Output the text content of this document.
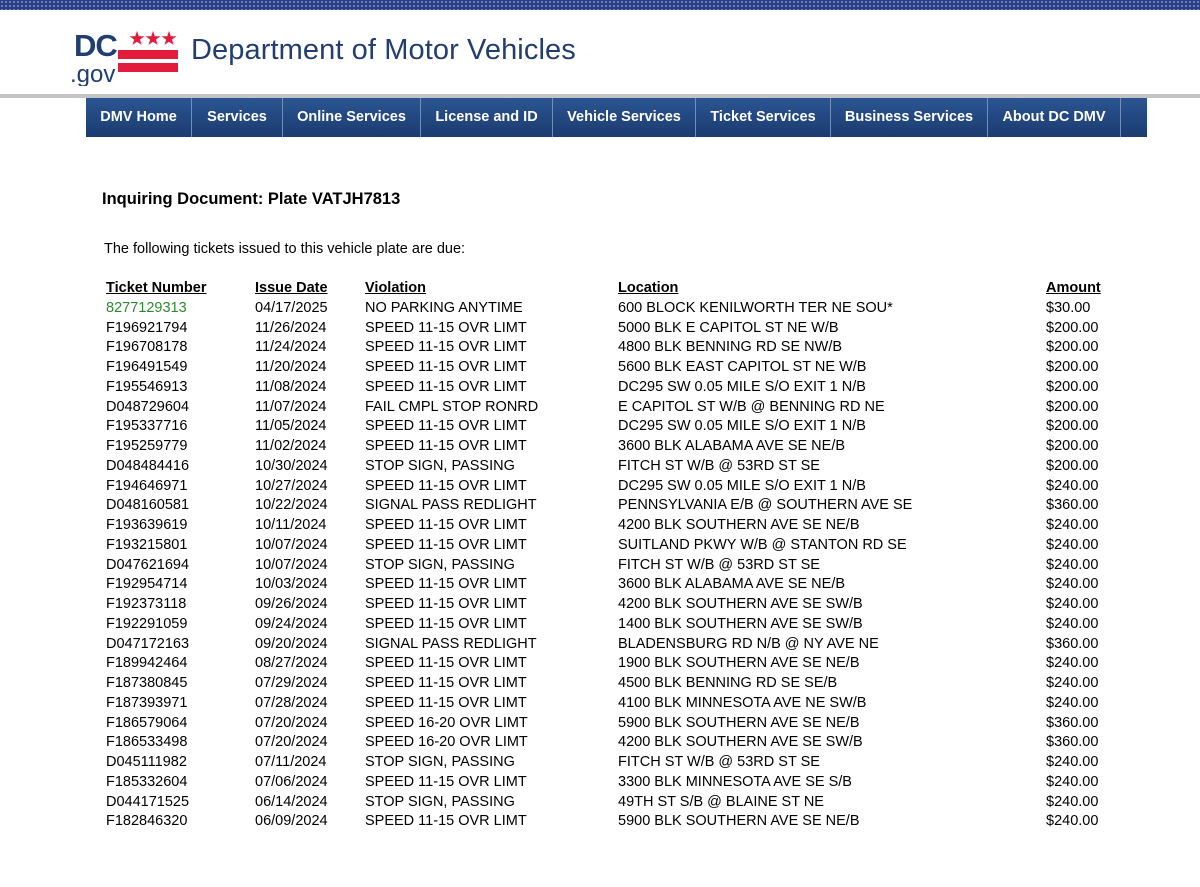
DC
.gov
Department of Motor Vehicles
DMV Home	Services	Online Services	License and ID	Vehicle Services	Ticket Services	Business Services	About DC DMV
Inquiring Document: Plate VATJH7813
The following tickets issued to this vehicle plate are due:
Ticket Number	Issue Date	Violation	Location	Amount
8277129313	04/17/2025	NO PARKING ANYTIME	600 BLOCK KENILWORTH TER NE SOU*	$30.00
F196921794	11/26/2024	SPEED 11-15 OVR LIMT	5000 BLK E CAPITOL ST NE W/B	$200.00
F196708178	11/24/2024	SPEED 11-15 OVR LIMT	4800 BLK BENNING RD SE NW/B	$200.00
F196491549	11/20/2024	SPEED 11-15 OVR LIMT	5600 BLK EAST CAPITOL ST NE W/B	$200.00
F195546913	11/08/2024	SPEED 11-15 OVR LIMT	DC295 SW 0.05 MILE S/O EXIT 1 N/B	$200.00
D048729604	11/07/2024	FAIL CMPL STOP RONRD	E CAPITOL ST W/B @ BENNING RD NE	$200.00
F195337716	11/05/2024	SPEED 11-15 OVR LIMT	DC295 SW 0.05 MILE S/O EXIT 1 N/B	$200.00
F195259779	11/02/2024	SPEED 11-15 OVR LIMT	3600 BLK ALABAMA AVE SE NE/B	$200.00
D048484416	10/30/2024	STOP SIGN, PASSING	FITCH ST W/B @ 53RD ST SE	$200.00
F194646971	10/27/2024	SPEED 11-15 OVR LIMT	DC295 SW 0.05 MILE S/O EXIT 1 N/B	$240.00
D048160581	10/22/2024	SIGNAL PASS REDLIGHT	PENNSYLVANIA E/B @ SOUTHERN AVE SE	$360.00
F193639619	10/11/2024	SPEED 11-15 OVR LIMT	4200 BLK SOUTHERN AVE SE NE/B	$240.00
F193215801	10/07/2024	SPEED 11-15 OVR LIMT	SUITLAND PKWY W/B @ STANTON RD SE	$240.00
D047621694	10/07/2024	STOP SIGN, PASSING	FITCH ST W/B @ 53RD ST SE	$240.00
F192954714	10/03/2024	SPEED 11-15 OVR LIMT	3600 BLK ALABAMA AVE SE NE/B	$240.00
F192373118	09/26/2024	SPEED 11-15 OVR LIMT	4200 BLK SOUTHERN AVE SE SW/B	$240.00
F192291059	09/24/2024	SPEED 11-15 OVR LIMT	1400 BLK SOUTHERN AVE SE SW/B	$240.00
D047172163	09/20/2024	SIGNAL PASS REDLIGHT	BLADENSBURG RD N/B @ NY AVE NE	$360.00
F189942464	08/27/2024	SPEED 11-15 OVR LIMT	1900 BLK SOUTHERN AVE SE NE/B	$240.00
F187380845	07/29/2024	SPEED 11-15 OVR LIMT	4500 BLK BENNING RD SE SE/B	$240.00
F187393971	07/28/2024	SPEED 11-15 OVR LIMT	4100 BLK MINNESOTA AVE NE SW/B	$240.00
F186579064	07/20/2024	SPEED 16-20 OVR LIMT	5900 BLK SOUTHERN AVE SE NE/B	$360.00
F186533498	07/20/2024	SPEED 16-20 OVR LIMT	4200 BLK SOUTHERN AVE SE SW/B	$360.00
D045111982	07/11/2024	STOP SIGN, PASSING	FITCH ST W/B @ 53RD ST SE	$240.00
F185332604	07/06/2024	SPEED 11-15 OVR LIMT	3300 BLK MINNESOTA AVE SE S/B	$240.00
D044171525	06/14/2024	STOP SIGN, PASSING	49TH ST S/B @ BLAINE ST NE	$240.00
F182846320	06/09/2024	SPEED 11-15 OVR LIMT	5900 BLK SOUTHERN AVE SE NE/B	$240.00
